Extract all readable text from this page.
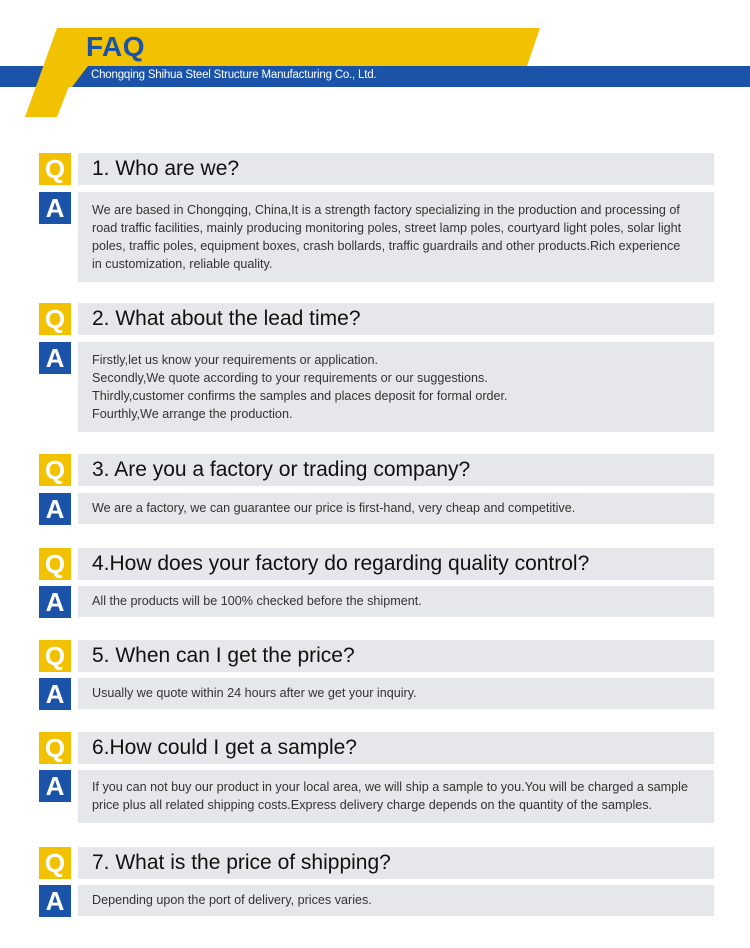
FAQ
Chongqing Shihua Steel Structure Manufacturing Co., Ltd.
Q	1. Who are we?
A	We are based in Chongqing, China,It is a strength factory specializing in the production and processing of
road traffic facilities, mainly producing monitoring poles, street lamp poles, courtyard light poles, solar light
poles, traffic poles, equipment boxes, crash bollards, traffic guardrails and other products.Rich experience
in customization, reliable quality.
Q	2. What about the lead time?
A	Firstly,let us know your requirements or application.
Secondly,We quote according to your requirements or our suggestions.
Thirdly,customer confirms the samples and places deposit for formal order.
Fourthly,We arrange the production.
Q	3. Are you a factory or trading company?
A	We are a factory, we can guarantee our price is first-hand, very cheap and competitive.
Q	4.How does your factory do regarding quality control?
A	All the products will be 100% checked before the shipment.
Q	5. When can I get the price?
A	Usually we quote within 24 hours after we get your inquiry.
Q	6.How could I get a sample?
A	If you can not buy our product in your local area, we will ship a sample to you.You will be charged a sample
price plus all related shipping costs.Express delivery charge depends on the quantity of the samples.
Q	7. What is the price of shipping?
A	Depending upon the port of delivery, prices varies.
